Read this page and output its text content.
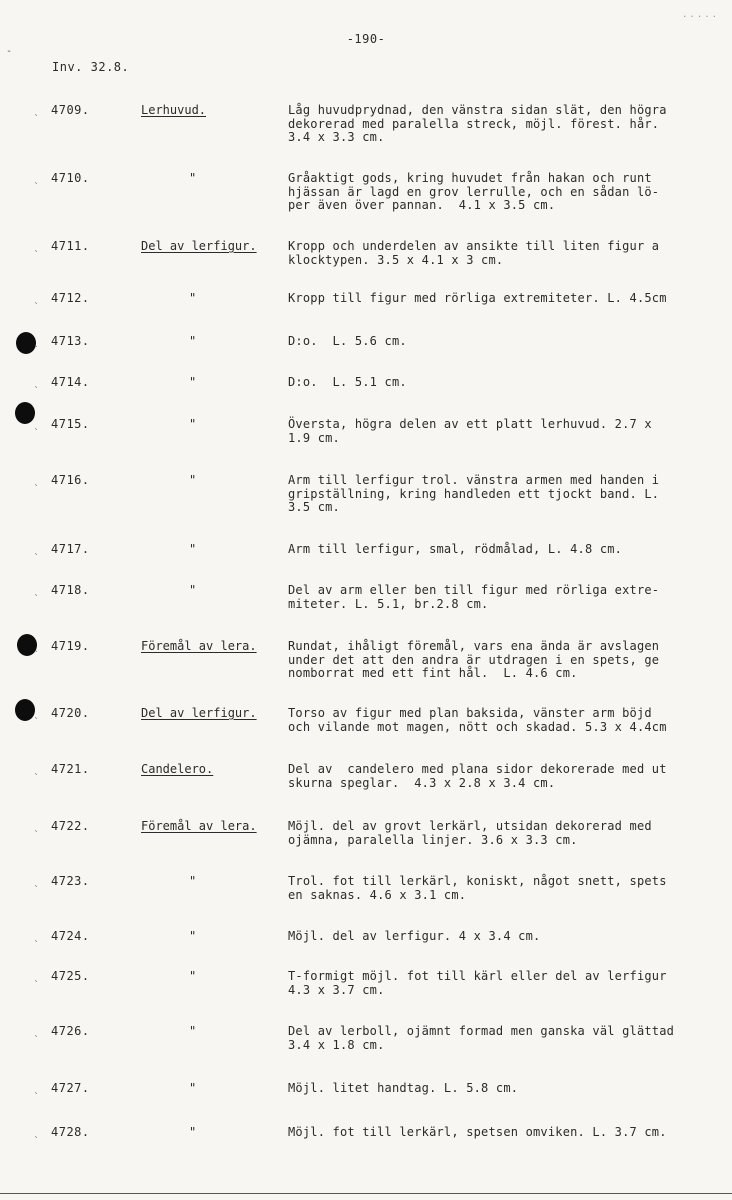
.....
-
-190-
Inv. 32.8.
ˎ 4709.	Lerhuvud.	Låg huvudprydnad, den vänstra sidan slät, den högra
dekorerad med paralella streck, möjl. förest. hår.
3.4 x 3.3 cm.
ˎ 4710.	"	Gråaktigt gods, kring huvudet från hakan och runt
hjässan är lagd en grov lerrulle, och en sådan lö-
per även över pannan.  4.1 x 3.5 cm.
ˎ 4711.	Del av lerfigur.	Kropp och underdelen av ansikte till liten figur a
klocktypen. 3.5 x 4.1 x 3 cm.
ˎ 4712.	"	Kropp till figur med rörliga extremiteter. L. 4.5cm
ˎ 4713.	"	D:o.  L. 5.6 cm.
ˎ 4714.	"	D:o.  L. 5.1 cm.
ˎ 4715.	"	Översta, högra delen av ett platt lerhuvud. 2.7 x
1.9 cm.
ˎ 4716.	"	Arm till lerfigur trol. vänstra armen med handen i
gripställning, kring handleden ett tjockt band. L.
3.5 cm.
ˎ 4717.	"	Arm till lerfigur, smal, rödmålad, L. 4.8 cm.
ˎ 4718.	"	Del av arm eller ben till figur med rörliga extre-
miteter. L. 5.1, br.2.8 cm.
ˎ 4719.	Föremål av lera.	Rundat, ihåligt föremål, vars ena ända är avslagen
under det att den andra är utdragen i en spets, ge
nomborrat med ett fint hål.  L. 4.6 cm.
ˎ 4720.	Del av lerfigur.	Torso av figur med plan baksida, vänster arm böjd
och vilande mot magen, nött och skadad. 5.3 x 4.4cm
ˎ 4721.	Candelero.	Del av  candelero med plana sidor dekorerade med ut
skurna speglar.  4.3 x 2.8 x 3.4 cm.
ˎ 4722.	Föremål av lera.	Möjl. del av grovt lerkärl, utsidan dekorerad med
ojämna, paralella linjer. 3.6 x 3.3 cm.
ˎ 4723.	"	Trol. fot till lerkärl, koniskt, något snett, spets
en saknas. 4.6 x 3.1 cm.
ˎ 4724.	"	Möjl. del av lerfigur. 4 x 3.4 cm.
ˎ 4725.	"	T-formigt möjl. fot till kärl eller del av lerfigur
4.3 x 3.7 cm.
ˎ 4726.	"	Del av lerboll, ojämnt formad men ganska väl glättad
3.4 x 1.8 cm.
ˎ 4727.	"	Möjl. litet handtag. L. 5.8 cm.
ˎ 4728.	"	Möjl. fot till lerkärl, spetsen omviken. L. 3.7 cm.
